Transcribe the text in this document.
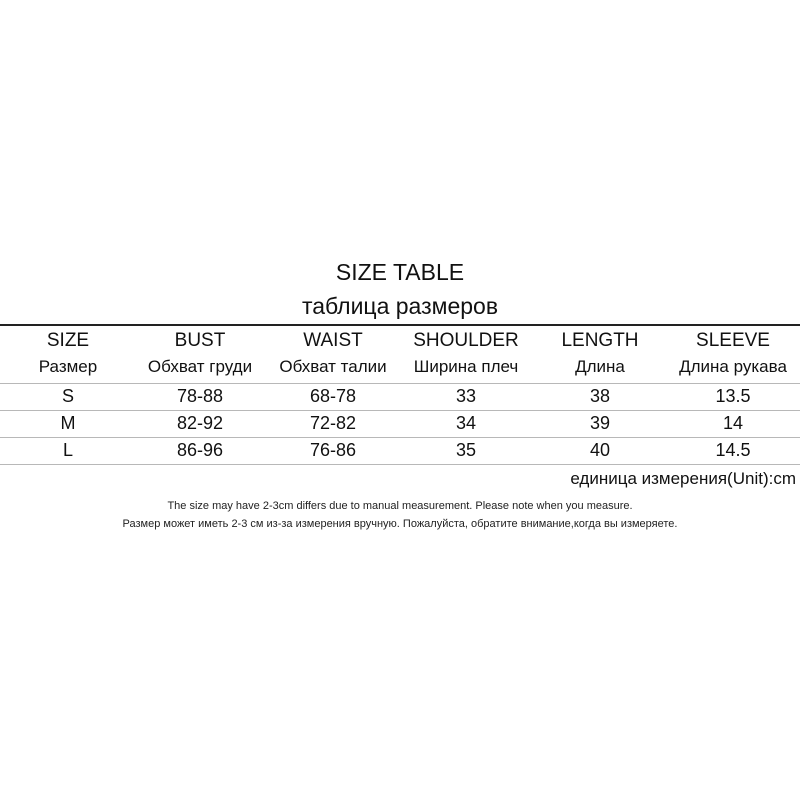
SIZE TABLE
таблица размеров
SIZE	BUST	WAIST	SHOULDER	LENGTH	SLEEVE
Размер	Обхват груди	Обхват талии	Ширина плеч	Длина	Длина рукава
S	78-88	68-78	33	38	13.5
M	82-92	72-82	34	39	14
L	86-96	76-86	35	40	14.5
единица измерения(Unit):cm
The size may have 2-3cm differs due to manual measurement. Please note when you measure.
Размер может иметь 2-3 см из-за измерения вручную. Пожалуйста, обратите внимание,когда вы измеряете.
